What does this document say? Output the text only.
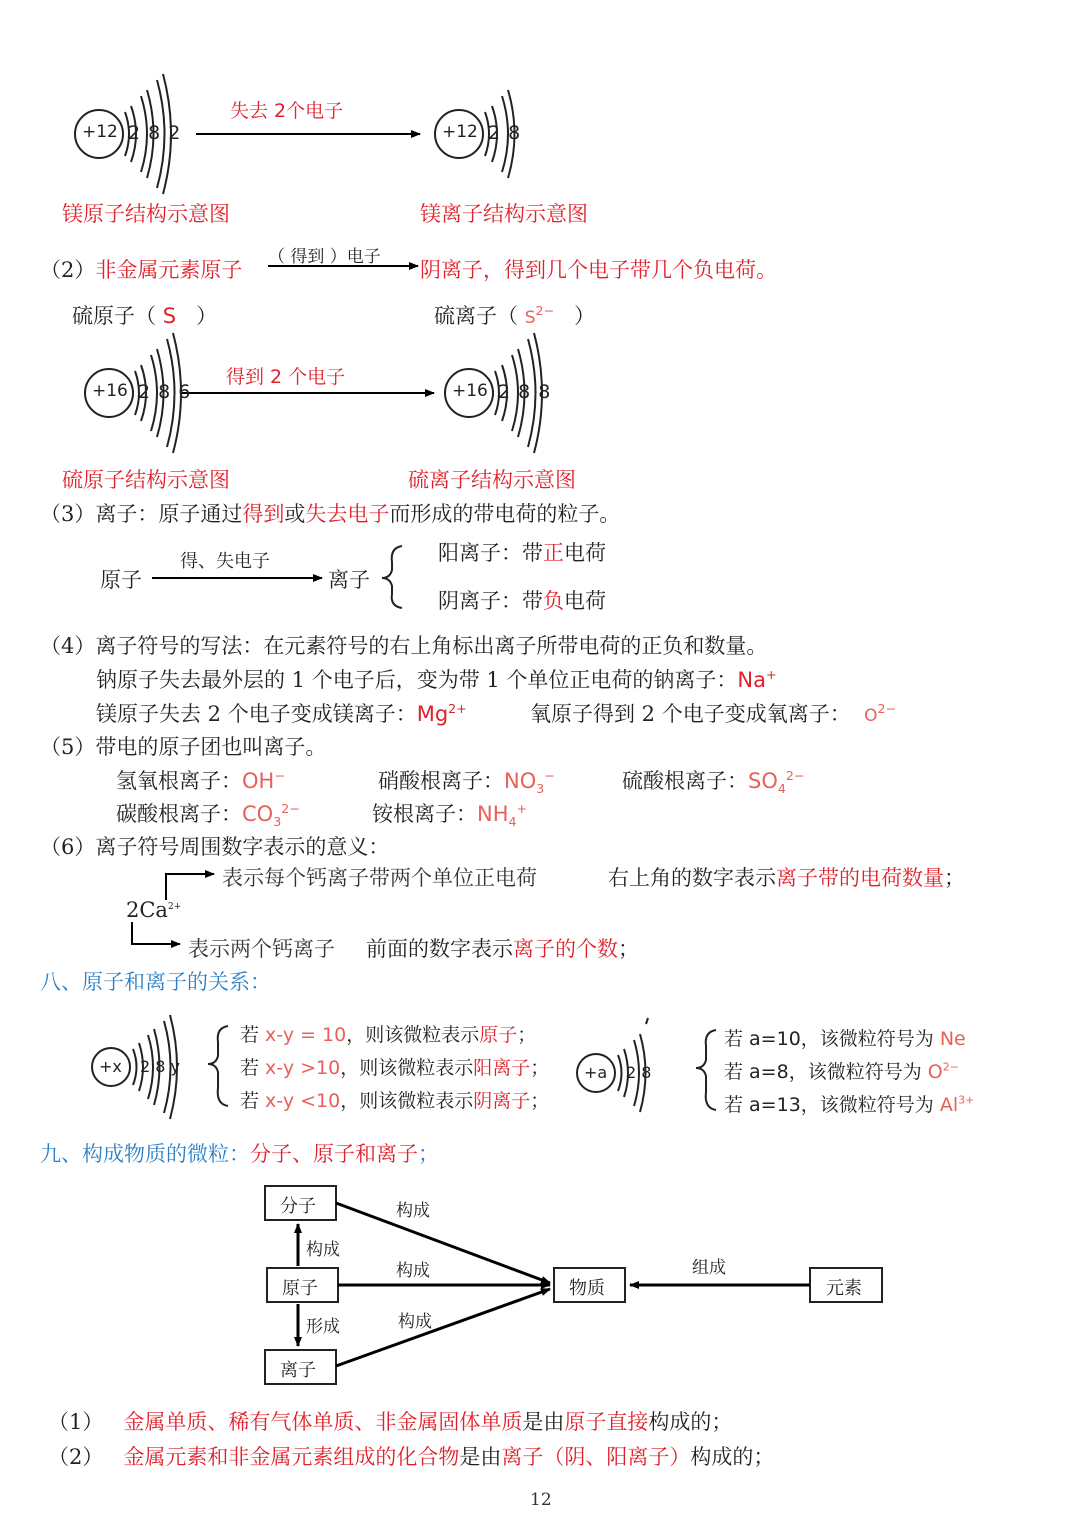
失去 2个电子
+12 2 8 2	+12 2 8
镁原子结构示意图	镁离子结构示意图
（2）非金属元素原子
（ 得到 ）电子
阴离子，得到几个电子带几个负电荷。
硫原子（ S ）	硫离子（ $S^{2-}$ ）
得到 2 个电子
+16 2 8 6	+16 2 8 8
硫原子结构示意图	硫离子结构示意图
（3）离子：原子通过得到或失去电子而形成的带电荷的粒子。
原子
得、失电子
离子
阳离子：带正电荷
阴离子：带负电荷
（4）离子符号的写法：在元素符号的右上角标出离子所带电荷的正负和数量。
钠原子失去最外层的 1 个电子后，变为带 1 个单位正电荷的钠离子：Na+
镁原子失去 2 个电子变成镁离子：$Mg^{2+}$	氧原子得到 2 个电子变成氧离子： $O^{2-}$
（5）带电的原子团也叫离子。
氢氧根离子：OH−	硝酸根离子：$NO_3^-$	硫酸根离子：$SO_4^{2-}$
碳酸根离子：$CO_3^{2-}$	铵根离子：$NH_4^+$
（6）离子符号周围数字表示的意义：
表示每个钙离子带两个单位正电荷
$2Ca^{2+}$
表示两个钙离子
右上角的数字表示离子带的电荷数量；
前面的数字表示离子的个数；
八、原子和离子的关系：
+x 2 8 y
若 x-y = 10，则该微粒表示原子；
若 x-y >10，则该微粒表示阳离子；
若 x-y <10，则该微粒表示阴离子；
+a 2 8
若 a=10，该微粒符号为 Ne
若 a=8，该微粒符号为 $O^{2-}$
若 a=13，该微粒符号为 $Al^{3+}$
九、构成物质的微粒：分子、原子和离子；
分子
原子
离子
物质	元素
构成
构成
构成
构成
形成
组成
（1） 金属单质、稀有气体单质、非金属固体单质是由原子直接构成的；
（2） 金属元素和非金属元素组成的化合物是由离子（阴、阳离子）构成的；
12
